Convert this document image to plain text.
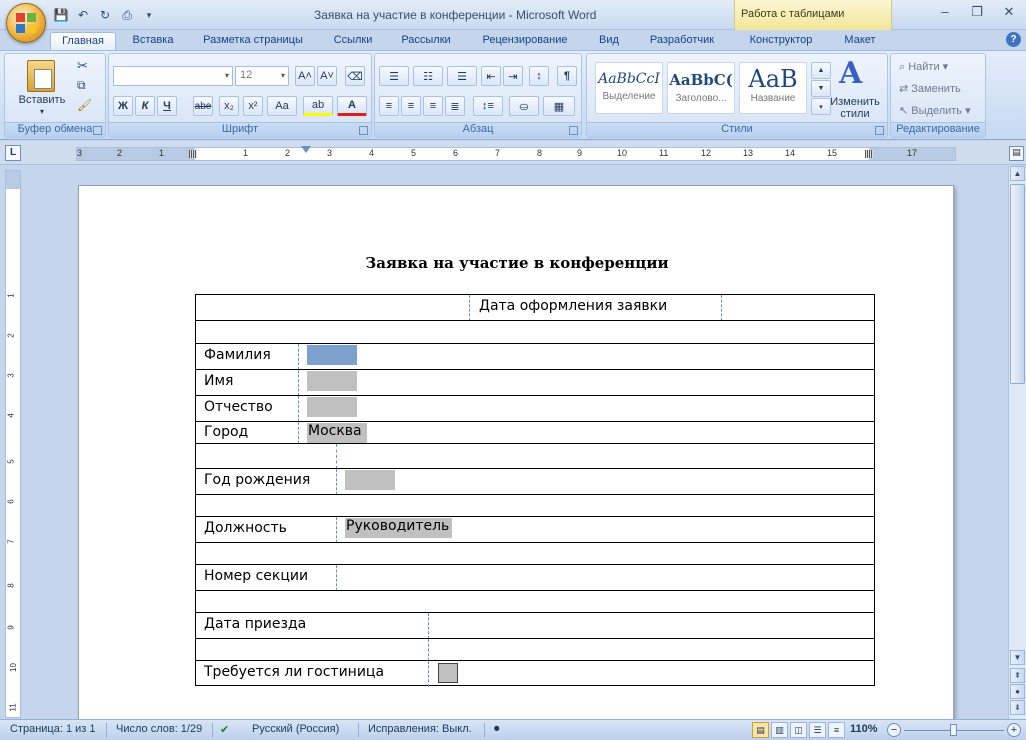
💾 ↶ ↻	⎙	▾	Заявка на участие в конференции - Microsoft Word	Работа с таблицами	–	❐	✕
Главная	Вставка	Разметка страницы	Ссылки	Рассылки	Рецензирование	Вид	Разработчик	Конструктор	Макет	?
Вставить
▾
✂
⧉
🖌
Буфер обмена
▾	12	▾ A˄ A˅ ⌫
Ж	К	Ч	abe	x₂	x²	Aa	ab	A
Шрифт
☰	☷	☰	⇤	⇥	↕	¶
≡	≡	≡	≣	↕≡	⛀	▦
Абзац
AaBbCcI
Выделение
AaBbC(
Заголово...
AaB
Название
▲
▼
▾
A
Изменить стили
Стили
⌕ Найти ▾
⇄ Заменить
↖ Выделить ▾
Редактирование
L	3	2	1	1	2	3	4	5	6	7	8	9	10	11	12	13	14	15	17	▤
1
2
3
4
5
6
7
8
9
10
11
Заявка на участие в конференции
Дата оформления заявки
Фамилия
Имя
Отчество
Город	Москва
Год рождения
Должность	Руководитель
Номер секции
Дата приезда
Требуется ли гостиница
▲
▼
⇞
●
⇟
Страница: 1 из 1 Число слов: 1/29 ✔ Русский (Россия)	Исправления: Выкл. ⏺	▤	▥	◫	☰	≡ 110%	−	+
